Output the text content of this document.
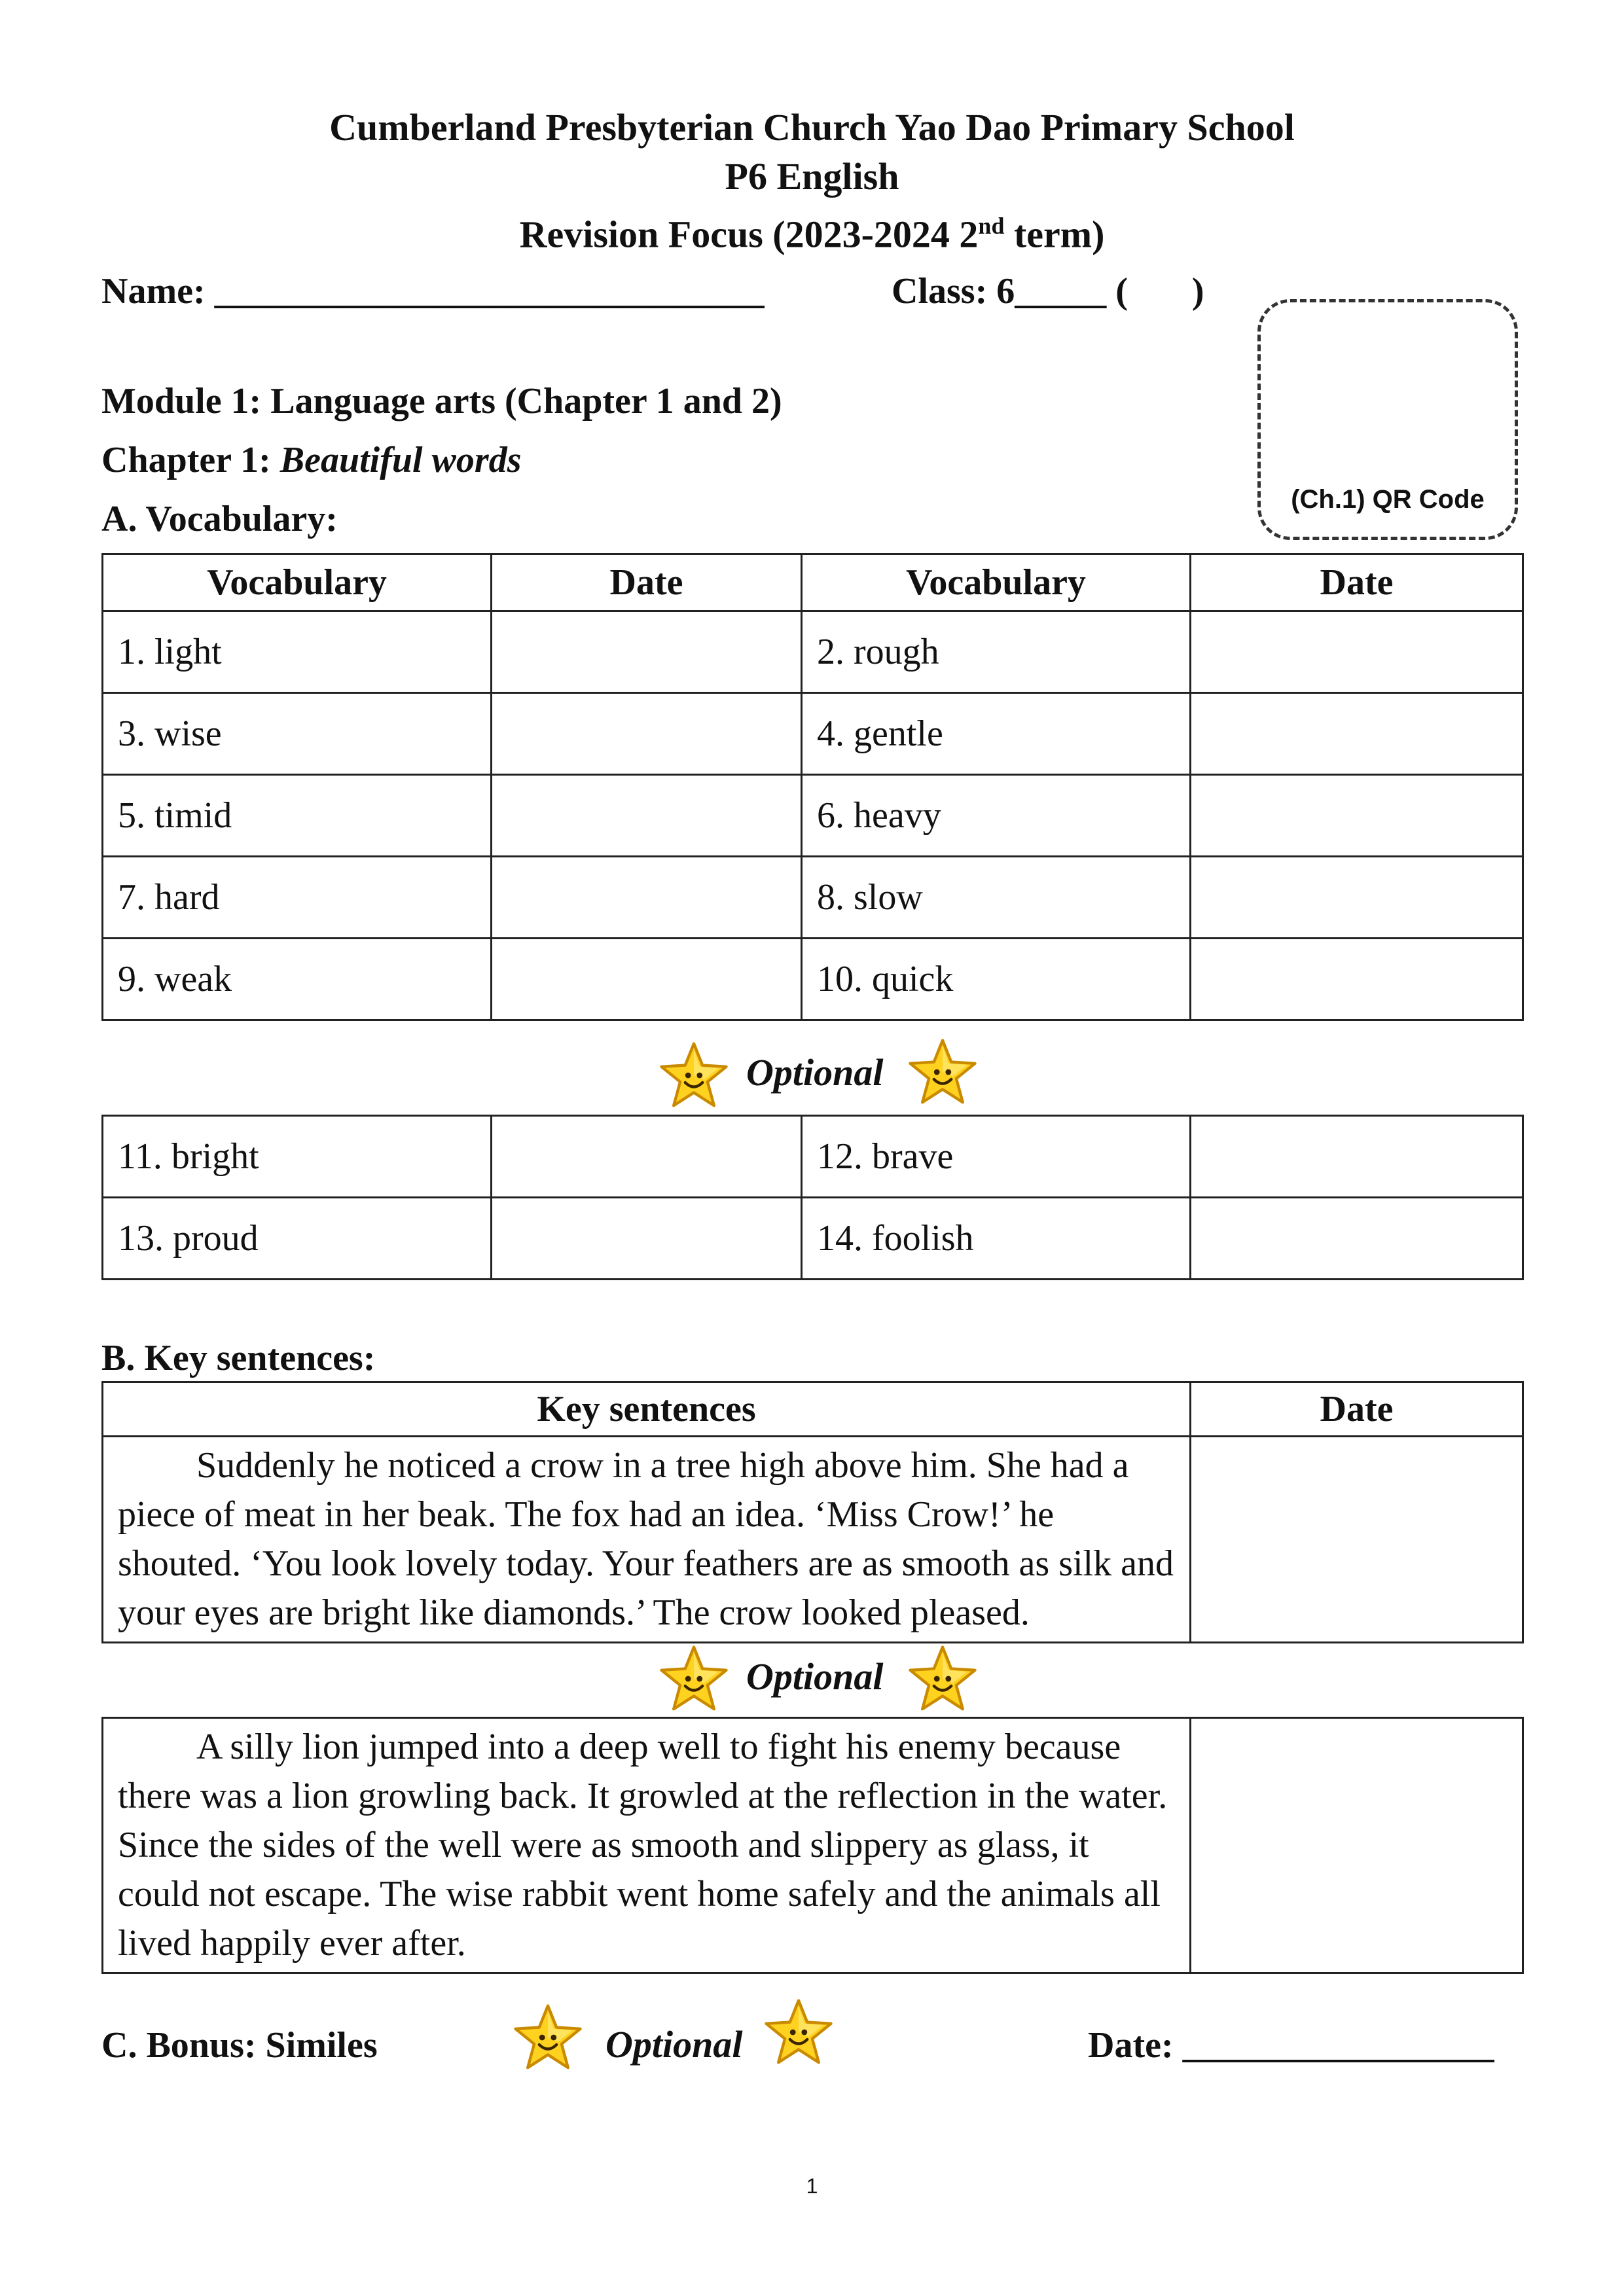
Cumberland Presbyterian Church Yao Dao Primary School
P6 English
Revision Focus (2023-2024 2nd term)
Name: ______________________________	Class: 6_____ (       )
(Ch.1) QR Code
Module 1: Language arts (Chapter 1 and 2)
Chapter 1: Beautiful words
A. Vocabulary:
Vocabulary	Date	Vocabulary	Date
1. light		2. rough	
3. wise		4. gentle	
5. timid		6. heavy	
7. hard		8. slow	
9. weak		10. quick	
Optional
11. bright		12. brave	
13. proud		14. foolish	
B. Key sentences:
Key sentences	Date
Suddenly he noticed a crow in a tree high above him. She had a piece of meat in her beak. The fox had an idea. ‘Miss Crow!’ he shouted. ‘You look lovely today. Your feathers are as smooth as silk and your eyes are bright like diamonds.’ The crow looked pleased.	
Optional
A silly lion jumped into a deep well to fight his enemy because there was a lion growling back. It growled at the reflection in the water. Since the sides of the well were as smooth and slippery as glass, it could not escape. The wise rabbit went home safely and the animals all lived happily ever after.	
C. Bonus: Similes	Optional	Date: _________________
1
